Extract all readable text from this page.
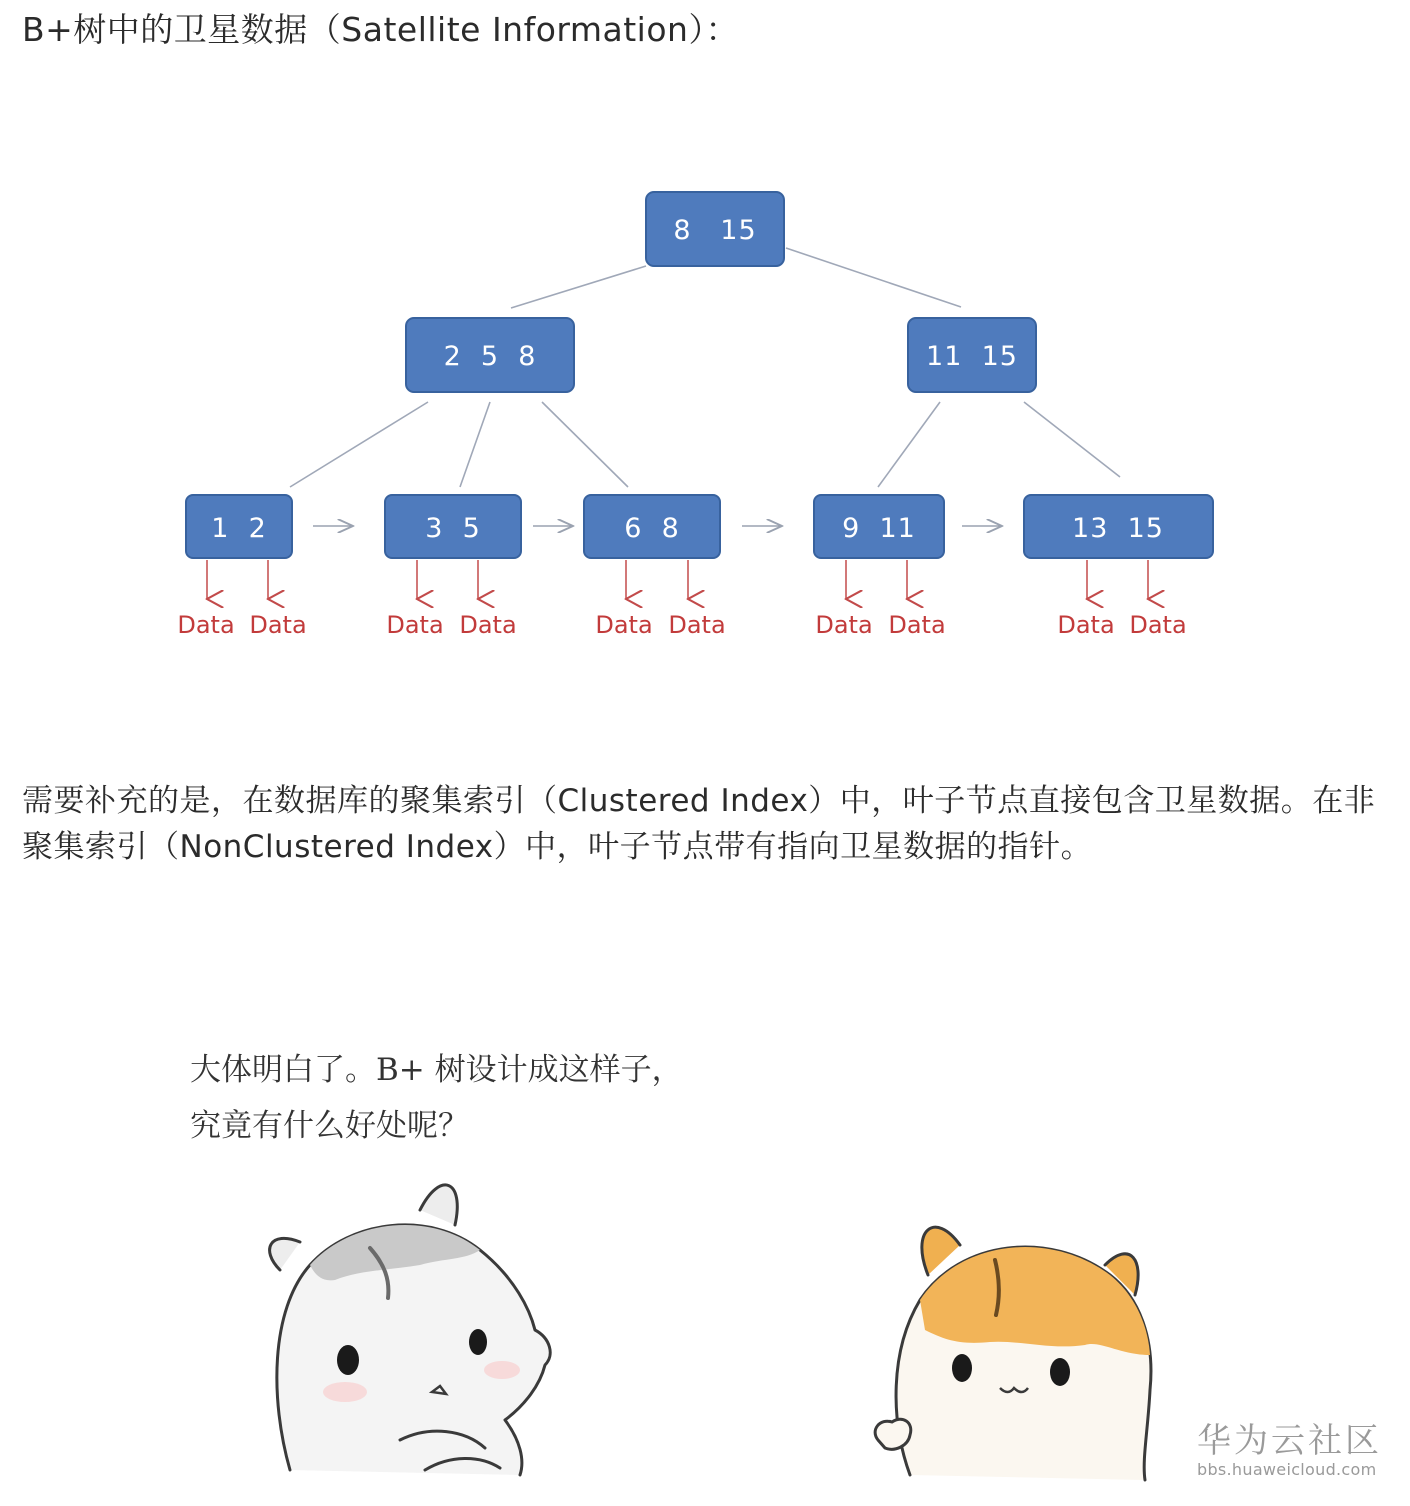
B+树中的卫星数据（Satellite Information）：
8   15
2  5  8	11  15
1  2	3  5	6  8	9  11	13  15
Data Data	Data Data	Data Data	Data Data	Data Data
需要补充的是，在数据库的聚集索引（Clustered Index）中，叶子节点直接包含卫星数据。在非聚集索引（NonClustered Index）中，叶子节点带有指向卫星数据的指针。
大体明白了。B+ 树设计成这样子，
究竟有什么好处呢？
华为云社区
bbs.huaweicloud.com
